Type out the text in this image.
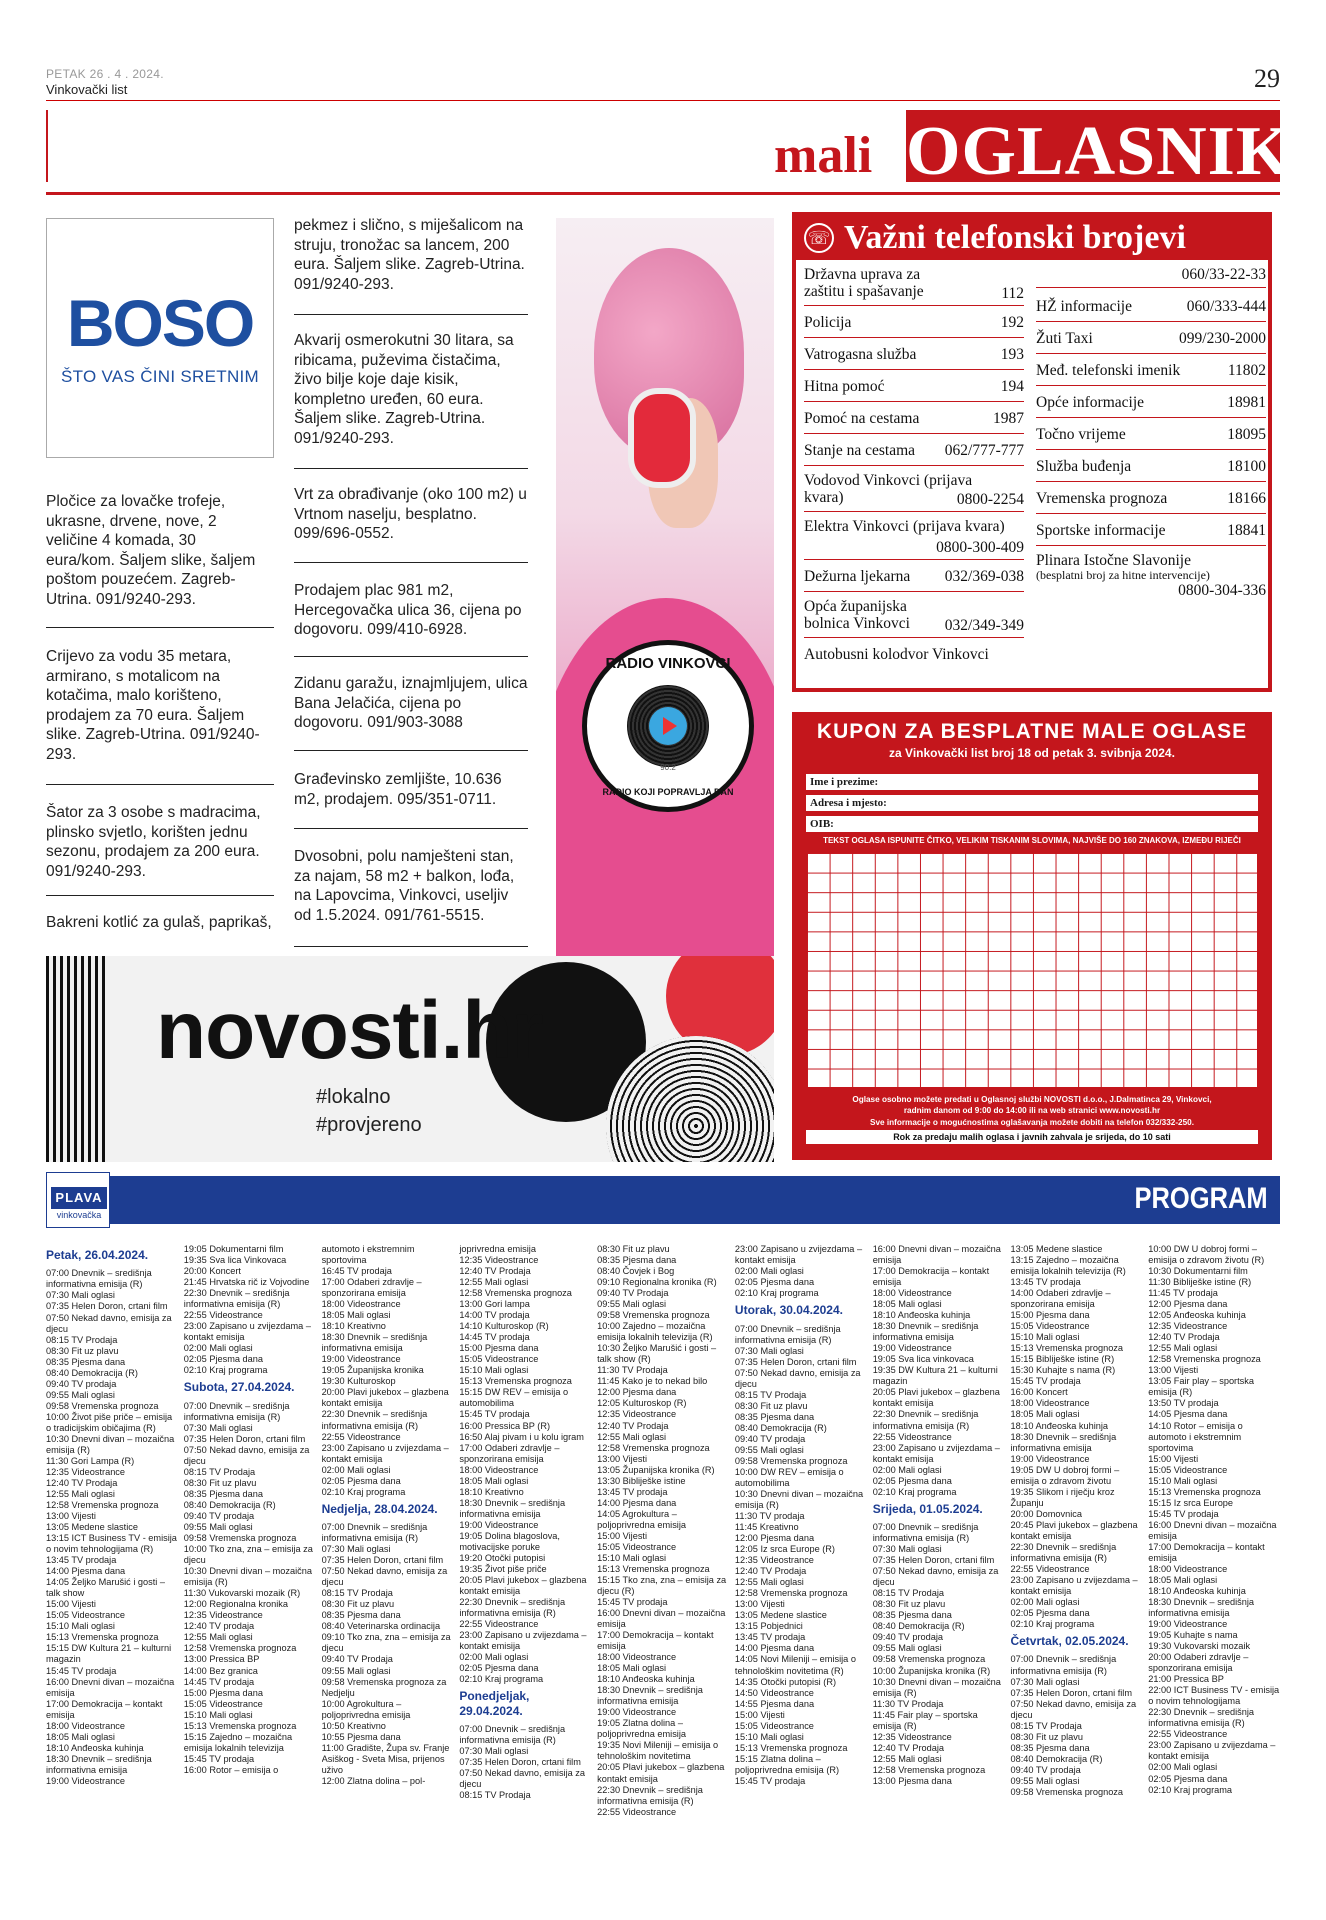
PETAK 26 . 4 . 2024.
Vinkovački list	29
mali OGLASNIK
BOSO
ŠTO VAS ČINI SRETNIM
Pločice za lovačke trofeje, ukrasne, drvene, nove, 2 veličine 4 komada, 30 eura/kom. Šaljem slike, šaljem poštom pouzećem. Zagreb-Utrina. 091/9240-293.
Crijevo za vodu 35 metara, armirano, s motalicom na kotačima, malo korišteno, prodajem za 70 eura. Šaljem slike. Zagreb-Utrina. 091/9240-293.
Šator za 3 osobe s madracima, plinsko svjetlo, korišten jednu sezonu, prodajem za 200 eura. 091/9240-293.
Bakreni kotlić za gulaš, paprikaš,
pekmez i slično, s miješalicom na struju, tronožac sa lancem, 200 eura. Šaljem slike. Zagreb-Utrina. 091/9240-293.
Akvarij osmerokutni 30 litara, sa ribicama, puževima čistačima, živo bilje koje daje kisik, kompletno uređen, 60 eura. Šaljem slike. Zagreb-Utrina. 091/9240-293.
Vrt za obrađivanje (oko 100 m2) u Vrtnom naselju, besplatno. 099/696-0552.
Prodajem plac 981 m2, Hercegovačka ulica 36, cijena po dogovoru. 099/410-6928.
Zidanu garažu, iznajmljujem, ulica Bana Jelačića, cijena po dogovoru. 091/903-3088
Građevinsko zemljište, 10.636 m2, prodajem. 095/351-0711.
Dvosobni, polu namješteni stan, za najam, 58 m2 + balkon, lođa, na Lapovcima, Vinkovci, useljiv od 1.5.2024. 091/761-5515.
RADIO VINKOVCI
90.2
RADIO KOJI POPRAVLJA DAN
☏ Važni telefonski brojevi
Državna uprava za zaštitu i spašavanje	112
Policija	192
Vatrogasna služba	193
Hitna pomoć	194
Pomoć na cestama	1987
Stanje na cestama 062/777-777
Vodovod Vinkovci (prijava kvara)	0800-2254
Elektra Vinkovci (prijava kvara)
0800-300-409
Dežurna ljekarna 032/369-038
Opća županijska bolnica Vinkovci 032/349-349
Autobusni kolodvor Vinkovci
060/33-22-33
HŽ informacije	060/333-444
Žuti Taxi	099/230-2000
Međ. telefonski imenik	11802
Opće informacije	18981
Točno vrijeme	18095
Služba buđenja	18100
Vremenska prognoza	18166
Sportske informacije	18841
Plinara Istočne Slavonije
(besplatni broj za hitne intervencije)
0800-304-336
KUPON ZA BESPLATNE MALE OGLASE
za Vinkovački list broj 18 od petak 3. svibnja 2024.
Ime i prezime:
Adresa i mjesto:
OIB:
TEKST OGLASA ISPUNITE ČITKO, VELIKIM TISKANIM SLOVIMA, NAJVIŠE DO 160 ZNAKOVA, IZMEĐU RIJEČI
Oglase osobno možete predati u Oglasnoj službi NOVOSTI d.o.o., J.Dalmatinca 29, Vinkovci,
radnim danom od 9:00 do 14:00 ili na web stranici www.novosti.hr
Sve informacije o mogućnostima oglašavanja možete dobiti na telefon 032/332-250.
Rok za predaju malih oglasa i javnih zahvala je srijeda, do 10 sati
novosti.hr
#lokalno
#provjereno
PLAVA
vinkovačka	PROGRAM
Petak, 26.04.2024.
07:00 Dnevnik – središnja informativna emisija (R)
07:30 Mali oglasi
07:35 Helen Doron, crtani film
07:50 Nekad davno, emisija za djecu
08:15 TV Prodaja
08:30 Fit uz plavu
08:35 Pjesma dana
08:40 Demokracija (R)
09:40 TV prodaja
09:55 Mali oglasi
09:58 Vremenska prognoza
10:00 Život piše priče – emisija o tradicijskim običajima (R)
10:30 Dnevni divan – mozaična emisija (R)
11:30 Gori Lampa (R)
12:35 Videostrance
12:40 TV Prodaja
12:55 Mali oglasi
12:58 Vremenska prognoza
13:00 Vijesti
13:05 Medene slastice
13:15 ICT Business TV - emisija o novim tehnologijama (R)
13:45 TV prodaja
14:00 Pjesma dana
14:05 Željko Marušić i gosti – talk show
15:00 Vijesti
15:05 Videostrance
15:10 Mali oglasi
15:13 Vremenska prognoza
15:15 DW Kultura 21 – kulturni magazin
15:45 TV prodaja
16:00 Dnevni divan – mozaična emisija
17:00 Demokracija – kontakt emisija
18:00 Videostrance
18:05 Mali oglasi
18:10 Anđeoska kuhinja
18:30 Dnevnik – središnja informativna emisija
19:00 Videostrance
19:05 Dokumentarni film
19:35 Sva lica Vinkovaca
20:00 Koncert
21:45 Hrvatska rič iz Vojvodine
22:30 Dnevnik – središnja informativna emisija (R)
22:55 Videostrance
23:00 Zapisano u zvijezdama – kontakt emisija
02:00 Mali oglasi
02:05 Pjesma dana
02:10 Kraj programa
Subota, 27.04.2024.
07:00 Dnevnik – središnja informativna emisija (R)
07:30 Mali oglasi
07:35 Helen Doron, crtani film
07:50 Nekad davno, emisija za djecu
08:15 TV Prodaja
08:30 Fit uz plavu
08:35 Pjesma dana
08:40 Demokracija (R)
09:40 TV prodaja
09:55 Mali oglasi
09:58 Vremenska prognoza
10:00 Tko zna, zna – emisija za djecu
10:30 Dnevni divan – mozaična emisija (R)
11:30 Vukovarski mozaik (R)
12:00 Regionalna kronika
12:35 Videostrance
12:40 TV prodaja
12:55 Mali oglasi
12:58 Vremenska prognoza
13:00 Pressica BP
14:00 Bez granica
14:45 TV prodaja
15:00 Pjesma dana
15:05 Videostrance
15:10 Mali oglasi
15:13 Vremenska prognoza
15:15 Zajedno – mozaična emisija lokalnih televizija
15:45 TV prodaja
16:00 Rotor – emisija o
automoto i ekstremnim sportovima
16:45 TV prodaja
17:00 Odaberi zdravlje – sponzorirana emisija
18:00 Videostrance
18:05 Mali oglasi
18:10 Kreativno
18:30 Dnevnik – središnja informativna emisija
19:00 Videostrance
19:05 Županijska kronika
19:30 Kulturoskop
20:00 Plavi jukebox – glazbena kontakt emisija
22:30 Dnevnik – središnja informativna emisija (R)
22:55 Videostrance
23:00 Zapisano u zvijezdama – kontakt emisija
02:00 Mali oglasi
02:05 Pjesma dana
02:10 Kraj programa
Nedjelja, 28.04.2024.
07:00 Dnevnik – središnja informativna emisija (R)
07:30 Mali oglasi
07:35 Helen Doron, crtani film
07:50 Nekad davno, emisija za djecu
08:15 TV Prodaja
08:30 Fit uz plavu
08:35 Pjesma dana
08:40 Veterinarska ordinacija
09:10 Tko zna, zna – emisija za djecu
09:40 TV Prodaja
09:55 Mali oglasi
09:58 Vremenska prognoza za Nedjelju
10:00 Agrokultura – poljoprivredna emisija
10:50 Kreativno
10:55 Pjesma dana
11:00 Gradište, Župa sv. Franje Asiškog - Sveta Misa, prijenos uživo
12:00 Zlatna dolina – pol-
joprivredna emisija
12:35 Videostrance
12:40 TV Prodaja
12:55 Mali oglasi
12:58 Vremenska prognoza
13:00 Gori lampa
14:00 TV prodaja
14:10 Kulturoskop (R)
14:45 TV prodaja
15:00 Pjesma dana
15:05 Videostrance
15:10 Mali oglasi
15:13 Vremenska prognoza
15:15 DW REV – emisija o automobilima
15:45 TV prodaja
16:00 Pressica BP (R)
16:50 Alaj pivam i u kolu igram
17:00 Odaberi zdravlje – sponzorirana emisija
18:00 Videostrance
18:05 Mali oglasi
18:10 Kreativno
18:30 Dnevnik – središnja informativna emisija
19:00 Videostrance
19:05 Dolina blagoslova, motivacijske poruke
19:20 Otočki putopisi
19:35 Život piše priče
20:05 Plavi jukebox – glazbena kontakt emisija
22:30 Dnevnik – središnja informativna emisija (R)
22:55 Videostrance
23:00 Zapisano u zvijezdama – kontakt emisija
02:00 Mali oglasi
02:05 Pjesma dana
02:10 Kraj programa
Ponedjeljak, 29.04.2024.
07:00 Dnevnik – središnja informativna emisija (R)
07:30 Mali oglasi
07:35 Helen Doron, crtani film
07:50 Nekad davno, emisija za djecu
08:15 TV Prodaja
08:30 Fit uz plavu
08:35 Pjesma dana
08:40 Čovjek i Bog
09:10 Regionalna kronika (R)
09:40 TV Prodaja
09:55 Mali oglasi
09:58 Vremenska prognoza
10:00 Zajedno – mozaična emisija lokalnih televizija (R)
10:30 Željko Marušić i gosti – talk show (R)
11:30 TV Prodaja
11:45 Kako je to nekad bilo
12:00 Pjesma dana
12:05 Kulturoskop (R)
12:35 Videostrance
12:40 TV Prodaja
12:55 Mali oglasi
12:58 Vremenska prognoza
13:00 Vijesti
13:05 Županijska kronika (R)
13:30 Bibliješke istine
13:45 TV prodaja
14:00 Pjesma dana
14:05 Agrokultura – poljoprivredna emisija
15:00 Vijesti
15:05 Videostrance
15:10 Mali oglasi
15:13 Vremenska prognoza
15:15 Tko zna, zna – emisija za djecu (R)
15:45 TV prodaja
16:00 Dnevni divan – mozaična emisija
17:00 Demokracija – kontakt emisija
18:00 Videostrance
18:05 Mali oglasi
18:10 Anđeoska kuhinja
18:30 Dnevnik – središnja informativna emisija
19:00 Videostrance
19:05 Zlatna dolina – poljoprivredna emisija
19:35 Novi Mileniji – emisija o tehnološkim novitetima
20:05 Plavi jukebox – glazbena kontakt emisija
22:30 Dnevnik – središnja informativna emisija (R)
22:55 Videostrance
23:00 Zapisano u zvijezdama – kontakt emisija
02:00 Mali oglasi
02:05 Pjesma dana
02:10 Kraj programa
Utorak, 30.04.2024.
07:00 Dnevnik – središnja informativna emisija (R)
07:30 Mali oglasi
07:35 Helen Doron, crtani film
07:50 Nekad davno, emisija za djecu
08:15 TV Prodaja
08:30 Fit uz plavu
08:35 Pjesma dana
08:40 Demokracija (R)
09:40 TV prodaja
09:55 Mali oglasi
09:58 Vremenska prognoza
10:00 DW REV – emisija o automobilima
10:30 Dnevni divan – mozaična emisija (R)
11:30 TV prodaja
11:45 Kreativno
12:00 Pjesma dana
12:05 Iz srca Europe (R)
12:35 Videostrance
12:40 TV Prodaja
12:55 Mali oglasi
12:58 Vremenska prognoza
13:00 Vijesti
13:05 Medene slastice
13:15 Pobjednici
13:45 TV prodaja
14:00 Pjesma dana
14:05 Novi Mileniji – emisija o tehnološkim novitetima (R)
14:35 Otočki putopisi (R)
14:50 Videostrance
14:55 Pjesma dana
15:00 Vijesti
15:05 Videostrance
15:10 Mali oglasi
15:13 Vremenska prognoza
15:15 Zlatna dolina – poljoprivredna emisija (R)
15:45 TV prodaja
16:00 Dnevni divan – mozaična emisija
17:00 Demokracija – kontakt emisija
18:00 Videostrance
18:05 Mali oglasi
18:10 Anđeoska kuhinja
18:30 Dnevnik – središnja informativna emisija
19:00 Videostrance
19:05 Sva lica vinkovaca
19:35 DW Kultura 21 – kulturni magazin
20:05 Plavi jukebox – glazbena kontakt emisija
22:30 Dnevnik – središnja informativna emisija (R)
22:55 Videostrance
23:00 Zapisano u zvijezdama – kontakt emisija
02:00 Mali oglasi
02:05 Pjesma dana
02:10 Kraj programa
Srijeda, 01.05.2024.
07:00 Dnevnik – središnja informativna emisija (R)
07:30 Mali oglasi
07:35 Helen Doron, crtani film
07:50 Nekad davno, emisija za djecu
08:15 TV Prodaja
08:30 Fit uz plavu
08:35 Pjesma dana
08:40 Demokracija (R)
09:40 TV prodaja
09:55 Mali oglasi
09:58 Vremenska prognoza
10:00 Županijska kronika (R)
10:30 Dnevni divan – mozaična emisija (R)
11:30 TV Prodaja
11:45 Fair play – sportska emisija (R)
12:35 Videostrance
12:40 TV Prodaja
12:55 Mali oglasi
12:58 Vremenska prognoza
13:00 Pjesma dana
13:05 Medene slastice
13:15 Zajedno – mozaična emisija lokalnih televizija (R)
13:45 TV prodaja
14:00 Odaberi zdravlje – sponzorirana emisija
15:00 Pjesma dana
15:05 Videostrance
15:10 Mali oglasi
15:13 Vremenska prognoza
15:15 Bibliješke istine (R)
15:30 Kuhajte s nama (R)
15:45 TV prodaja
16:00 Koncert
18:00 Videostrance
18:05 Mali oglasi
18:10 Anđeoska kuhinja
18:30 Dnevnik – središnja informativna emisija
19:00 Videostrance
19:05 DW U dobroj formi – emisija o zdravom životu
19:35 Slikom i riječju kroz Županju
20:00 Domovnica
20:45 Plavi jukebox – glazbena kontakt emisija
22:30 Dnevnik – središnja informativna emisija (R)
22:55 Videostrance
23:00 Zapisano u zvijezdama – kontakt emisija
02:00 Mali oglasi
02:05 Pjesma dana
02:10 Kraj programa
Četvrtak, 02.05.2024.
07:00 Dnevnik – središnja informativna emisija (R)
07:30 Mali oglasi
07:35 Helen Doron, crtani film
07:50 Nekad davno, emisija za djecu
08:15 TV Prodaja
08:30 Fit uz plavu
08:35 Pjesma dana
08:40 Demokracija (R)
09:40 TV prodaja
09:55 Mali oglasi
09:58 Vremenska prognoza
10:00 DW U dobroj formi – emisija o zdravom životu (R)
10:30 Dokumentarni film
11:30 Bibliješke istine (R)
11:45 TV prodaja
12:00 Pjesma dana
12:05 Anđeoska kuhinja
12:35 Videostrance
12:40 TV Prodaja
12:55 Mali oglasi
12:58 Vremenska prognoza
13:00 Vijesti
13:05 Fair play – sportska emisija (R)
13:50 TV prodaja
14:05 Pjesma dana
14:10 Rotor – emisija o automoto i ekstremnim sportovima
15:00 Vijesti
15:05 Videostrance
15:10 Mali oglasi
15:13 Vremenska prognoza
15:15 Iz srca Europe
15:45 TV prodaja
16:00 Dnevni divan – mozaična emisija
17:00 Demokracija – kontakt emisija
18:00 Videostrance
18:05 Mali oglasi
18:10 Anđeoska kuhinja
18:30 Dnevnik – središnja informativna emisija
19:00 Videostrance
19:05 Kuhajte s nama
19:30 Vukovarski mozaik
20:00 Odaberi zdravlje – sponzorirana emisija
21:00 Pressica BP
22:00 ICT Business TV - emisija o novim tehnologijama
22:30 Dnevnik – središnja informativna emisija (R)
22:55 Videostrance
23:00 Zapisano u zvijezdama – kontakt emisija
02:00 Mali oglasi
02:05 Pjesma dana
02:10 Kraj programa
